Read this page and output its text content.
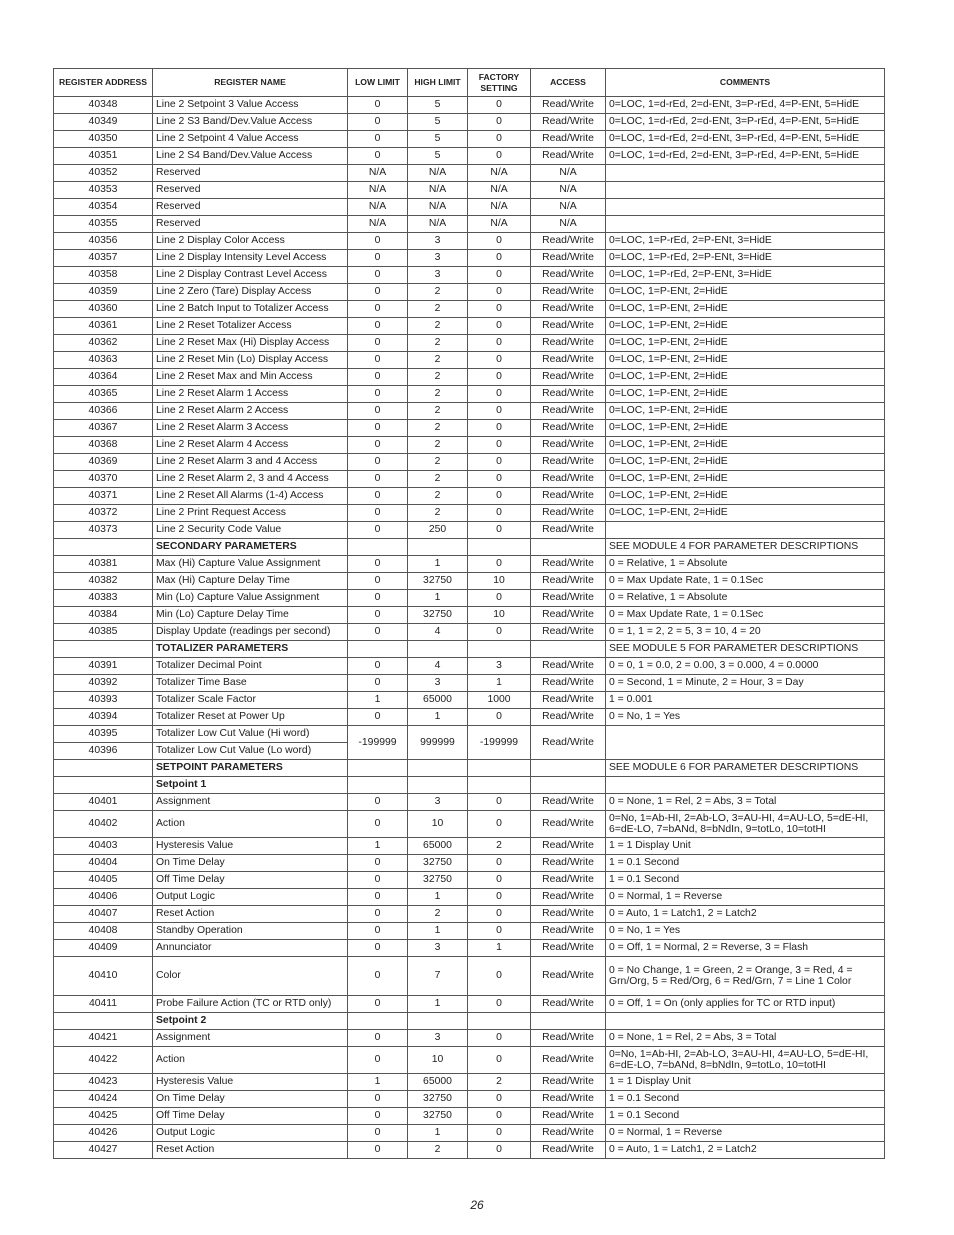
REGISTER ADDRESS	REGISTER NAME	LOW LIMIT	HIGH LIMIT	FACTORY SETTING	ACCESS	COMMENTS
40348	Line 2 Setpoint 3 Value Access	0	5	0	Read/Write	0=LOC, 1=d-rEd, 2=d-ENt, 3=P-rEd, 4=P-ENt, 5=HidE
40349	Line 2 S3 Band/Dev.Value Access	0	5	0	Read/Write	0=LOC, 1=d-rEd, 2=d-ENt, 3=P-rEd, 4=P-ENt, 5=HidE
40350	Line 2 Setpoint 4 Value Access	0	5	0	Read/Write	0=LOC, 1=d-rEd, 2=d-ENt, 3=P-rEd, 4=P-ENt, 5=HidE
40351	Line 2 S4 Band/Dev.Value Access	0	5	0	Read/Write	0=LOC, 1=d-rEd, 2=d-ENt, 3=P-rEd, 4=P-ENt, 5=HidE
40352	Reserved	N/A	N/A	N/A	N/A	
40353	Reserved	N/A	N/A	N/A	N/A	
40354	Reserved	N/A	N/A	N/A	N/A	
40355	Reserved	N/A	N/A	N/A	N/A	
40356	Line 2 Display Color Access	0	3	0	Read/Write	0=LOC, 1=P-rEd, 2=P-ENt, 3=HidE
40357	Line 2 Display Intensity Level Access	0	3	0	Read/Write	0=LOC, 1=P-rEd, 2=P-ENt, 3=HidE
40358	Line 2 Display Contrast Level Access	0	3	0	Read/Write	0=LOC, 1=P-rEd, 2=P-ENt, 3=HidE
40359	Line 2 Zero (Tare) Display Access	0	2	0	Read/Write	0=LOC, 1=P-ENt, 2=HidE
40360	Line 2 Batch Input to Totalizer Access	0	2	0	Read/Write	0=LOC, 1=P-ENt, 2=HidE
40361	Line 2 Reset Totalizer Access	0	2	0	Read/Write	0=LOC, 1=P-ENt, 2=HidE
40362	Line 2 Reset Max (Hi) Display Access	0	2	0	Read/Write	0=LOC, 1=P-ENt, 2=HidE
40363	Line 2 Reset Min (Lo) Display Access	0	2	0	Read/Write	0=LOC, 1=P-ENt, 2=HidE
40364	Line 2 Reset Max and Min Access	0	2	0	Read/Write	0=LOC, 1=P-ENt, 2=HidE
40365	Line 2 Reset Alarm 1 Access	0	2	0	Read/Write	0=LOC, 1=P-ENt, 2=HidE
40366	Line 2 Reset Alarm 2 Access	0	2	0	Read/Write	0=LOC, 1=P-ENt, 2=HidE
40367	Line 2 Reset Alarm 3 Access	0	2	0	Read/Write	0=LOC, 1=P-ENt, 2=HidE
40368	Line 2 Reset Alarm 4 Access	0	2	0	Read/Write	0=LOC, 1=P-ENt, 2=HidE
40369	Line 2 Reset Alarm 3 and 4 Access	0	2	0	Read/Write	0=LOC, 1=P-ENt, 2=HidE
40370	Line 2 Reset Alarm 2, 3 and 4 Access	0	2	0	Read/Write	0=LOC, 1=P-ENt, 2=HidE
40371	Line 2 Reset All Alarms (1-4) Access	0	2	0	Read/Write	0=LOC, 1=P-ENt, 2=HidE
40372	Line 2 Print Request Access	0	2	0	Read/Write	0=LOC, 1=P-ENt, 2=HidE
40373	Line 2 Security Code Value	0	250	0	Read/Write	
	SECONDARY PARAMETERS					SEE MODULE 4 FOR PARAMETER DESCRIPTIONS
40381	Max (Hi) Capture Value Assignment	0	1	0	Read/Write	0 = Relative, 1 = Absolute
40382	Max (Hi) Capture Delay Time	0	32750	10	Read/Write	0 = Max Update Rate, 1 = 0.1Sec
40383	Min (Lo) Capture Value Assignment	0	1	0	Read/Write	0 = Relative, 1 = Absolute
40384	Min (Lo) Capture Delay Time	0	32750	10	Read/Write	0 = Max Update Rate, 1 = 0.1Sec
40385	Display Update (readings per second)	0	4	0	Read/Write	0 = 1, 1 = 2, 2 = 5, 3 = 10, 4 = 20
	TOTALIZER PARAMETERS					SEE MODULE 5 FOR PARAMETER DESCRIPTIONS
40391	Totalizer Decimal Point	0	4	3	Read/Write	0 = 0, 1 = 0.0, 2 = 0.00, 3 = 0.000, 4 = 0.0000
40392	Totalizer Time Base	0	3	1	Read/Write	0 = Second, 1 = Minute, 2 = Hour, 3 = Day
40393	Totalizer Scale Factor	1	65000	1000	Read/Write	1 = 0.001
40394	Totalizer Reset at Power Up	0	1	0	Read/Write	0 = No, 1 = Yes
40395	Totalizer Low Cut Value (Hi word)	-199999	999999	-199999	Read/Write	
40396	Totalizer Low Cut Value (Lo word)					
	SETPOINT PARAMETERS					SEE MODULE 6 FOR PARAMETER DESCRIPTIONS
	Setpoint 1					
40401	Assignment	0	3	0	Read/Write	0 = None, 1 = Rel, 2 = Abs, 3 = Total
40402	Action	0	10	0	Read/Write	0=No, 1=Ab-HI, 2=Ab-LO, 3=AU-HI, 4=AU-LO, 5=dE-HI, 6=dE-LO, 7=bANd, 8=bNdIn, 9=totLo, 10=totHI
40403	Hysteresis Value	1	65000	2	Read/Write	1 = 1 Display Unit
40404	On Time Delay	0	32750	0	Read/Write	1 = 0.1 Second
40405	Off Time Delay	0	32750	0	Read/Write	1 = 0.1 Second
40406	Output Logic	0	1	0	Read/Write	0 = Normal, 1 = Reverse
40407	Reset Action	0	2	0	Read/Write	0 = Auto, 1 = Latch1, 2 = Latch2
40408	Standby Operation	0	1	0	Read/Write	0 = No, 1 = Yes
40409	Annunciator	0	3	1	Read/Write	0 = Off, 1 = Normal, 2 = Reverse, 3 = Flash
40410	Color	0	7	0	Read/Write	0 = No Change, 1 = Green, 2 = Orange, 3 = Red, 4 = Grn/Org, 5 = Red/Org, 6 = Red/Grn, 7 = Line 1 Color
40411	Probe Failure Action (TC or RTD only)	0	1	0	Read/Write	0 = Off, 1 = On (only applies for TC or RTD input)
	Setpoint 2					
40421	Assignment	0	3	0	Read/Write	0 = None, 1 = Rel, 2 = Abs, 3 = Total
40422	Action	0	10	0	Read/Write	0=No, 1=Ab-HI, 2=Ab-LO, 3=AU-HI, 4=AU-LO, 5=dE-HI, 6=dE-LO, 7=bANd, 8=bNdIn, 9=totLo, 10=totHI
40423	Hysteresis Value	1	65000	2	Read/Write	1 = 1 Display Unit
40424	On Time Delay	0	32750	0	Read/Write	1 = 0.1 Second
40425	Off Time Delay	0	32750	0	Read/Write	1 = 0.1 Second
40426	Output Logic	0	1	0	Read/Write	0 = Normal, 1 = Reverse
40427	Reset Action	0	2	0	Read/Write	0 = Auto, 1 = Latch1, 2 = Latch2
26
